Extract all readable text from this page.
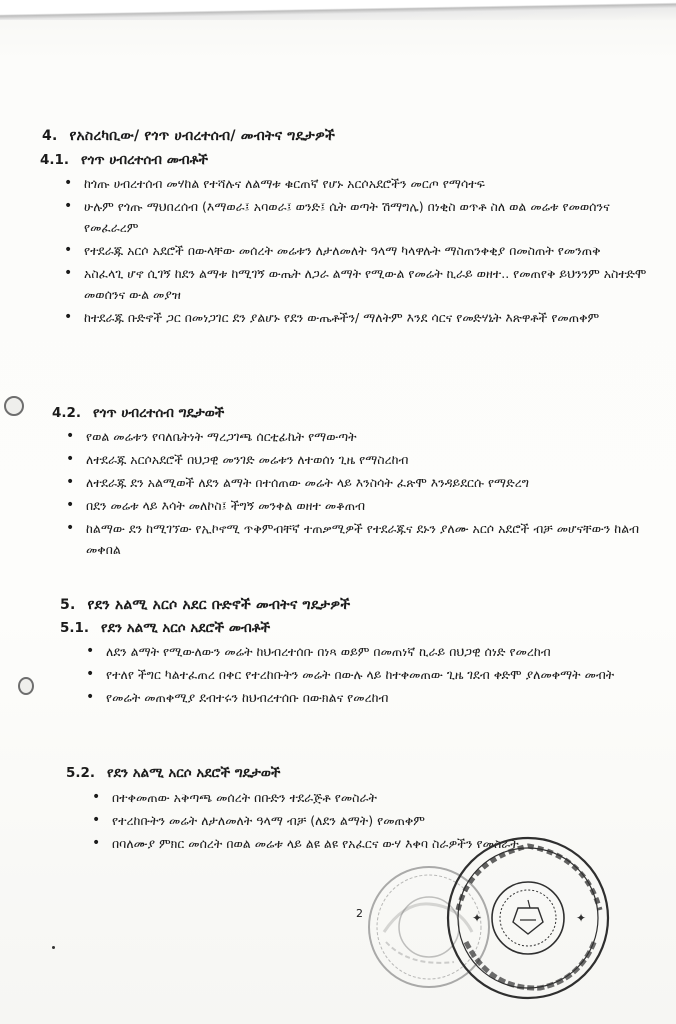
4. የአስረካቢው/ የጎጥ ሀብረተሰብ/ መብትና ግዴታዎች
4.1. የጎጥ ሀብረተሰብ መብቶች
• ከጎጡ ሀብረተሰብ መሃከል የተሻሉና ለልማቱ ቁርጠኛ የሆኑ አርሶአደሮችን መርጦ የማሳተፍ
• ሁሉም የጎጡ ማህበረሰብ (እማወራ፤ አባወራ፤ ወንድ፤ ሴት ወጣት ሽማግሌ) በነቂስ ወጥቶ ስለ ወል መሬቱ የመወሰንና የመፈራረም
• የተደራጁ አርሶ አደሮች በውላቸው መሰረት መሬቱን ለታለመለት ዓላማ ካላዋሉት ማስጠንቀቂያ በመስጠት የመንጠቅ
• አስፈላጊ ሆኖ ሲገኝ ከደን ልማቱ ከሚገኝ ውጤት ለጋራ ልማት የሚውል የመሬት ኪራይ ወዘተ.. የመጠየቅ ይህንንም አስተድሞ መወሰንና ውል መያዝ
• ከተደራጁ ቡድኖች ጋር በመነጋገር ደን ያልሆኑ የደን ውጤቶችን/ ማለትም እንደ ሳርና የመድሃኒት እጽዋቶች የመጠቀም
4.2. የጎጥ ሀብረተሰብ ግዴታወች
• የወል መሬቱን የባለቤትነት ማረጋገጫ ሰርቲፊኬት የማውጣት
• ለተደራጁ አርሶአደሮች በህጋዊ መንገድ መሬቱን ለተወሰነ ጊዜ የማስረከብ
• ለተደራጁ ደን አልሚወች ለደን ልማት በተሰጠው መሬት ላይ እንስሳት ፈጽሞ እንዳይደርሱ የማድረግ
• በደን መሬቱ ላይ እሳት መለኮስ፤ ችግኝ መንቀል ወዘተ መቆጠብ
• ከልማው ደን ከሚገኘው የኢኮኖሚ ጥቅምብቸኛ ተጠቃሚዎች የተደራጁና ደኑን ያለሙ አርሶ አደሮች ብቻ መሆናቸውን ከልብ መቀበል
5. የደን አልሚ አርሶ አደር ቡድኖች መብትና ግዴታዎች
5.1. የደን አልሚ አርሶ አደሮች መብቶች
• ለደን ልማት የሚውለውን መሬት ከህብረተሰቡ በነጻ ወይም በመጠነኛ ኪራይ በህጋዊ ሰነድ የመረከብ
• የተለየ ችግር ካልተፈጠረ በቀር የተረከቡትን መሬት በውሉ ላይ ከተቀመጠው ጊዜ ገደብ ቀድሞ ያለመቀማት መብት
• የመሬት መጠቀሚያ ደብተሩን ከህብረተሰቡ በውክልና የመረከብ
5.2. የደን አልሚ አርሶ አደሮች ግዴታወች
• በተቀመጠው አቅጣጫ መሰረት በቡድን ተደራጅቶ የመስራት
• የተረከቡትን መሬት ለታለመለት ዓላማ ብቻ (ለደን ልማት) የመጠቀም
• በባለሙያ ምክር መሰረት በወል መሬቱ ላይ ልዩ ልዩ የአፈርና ውሃ እቀባ ስራዎችን የመስራት
2	✦	✦
